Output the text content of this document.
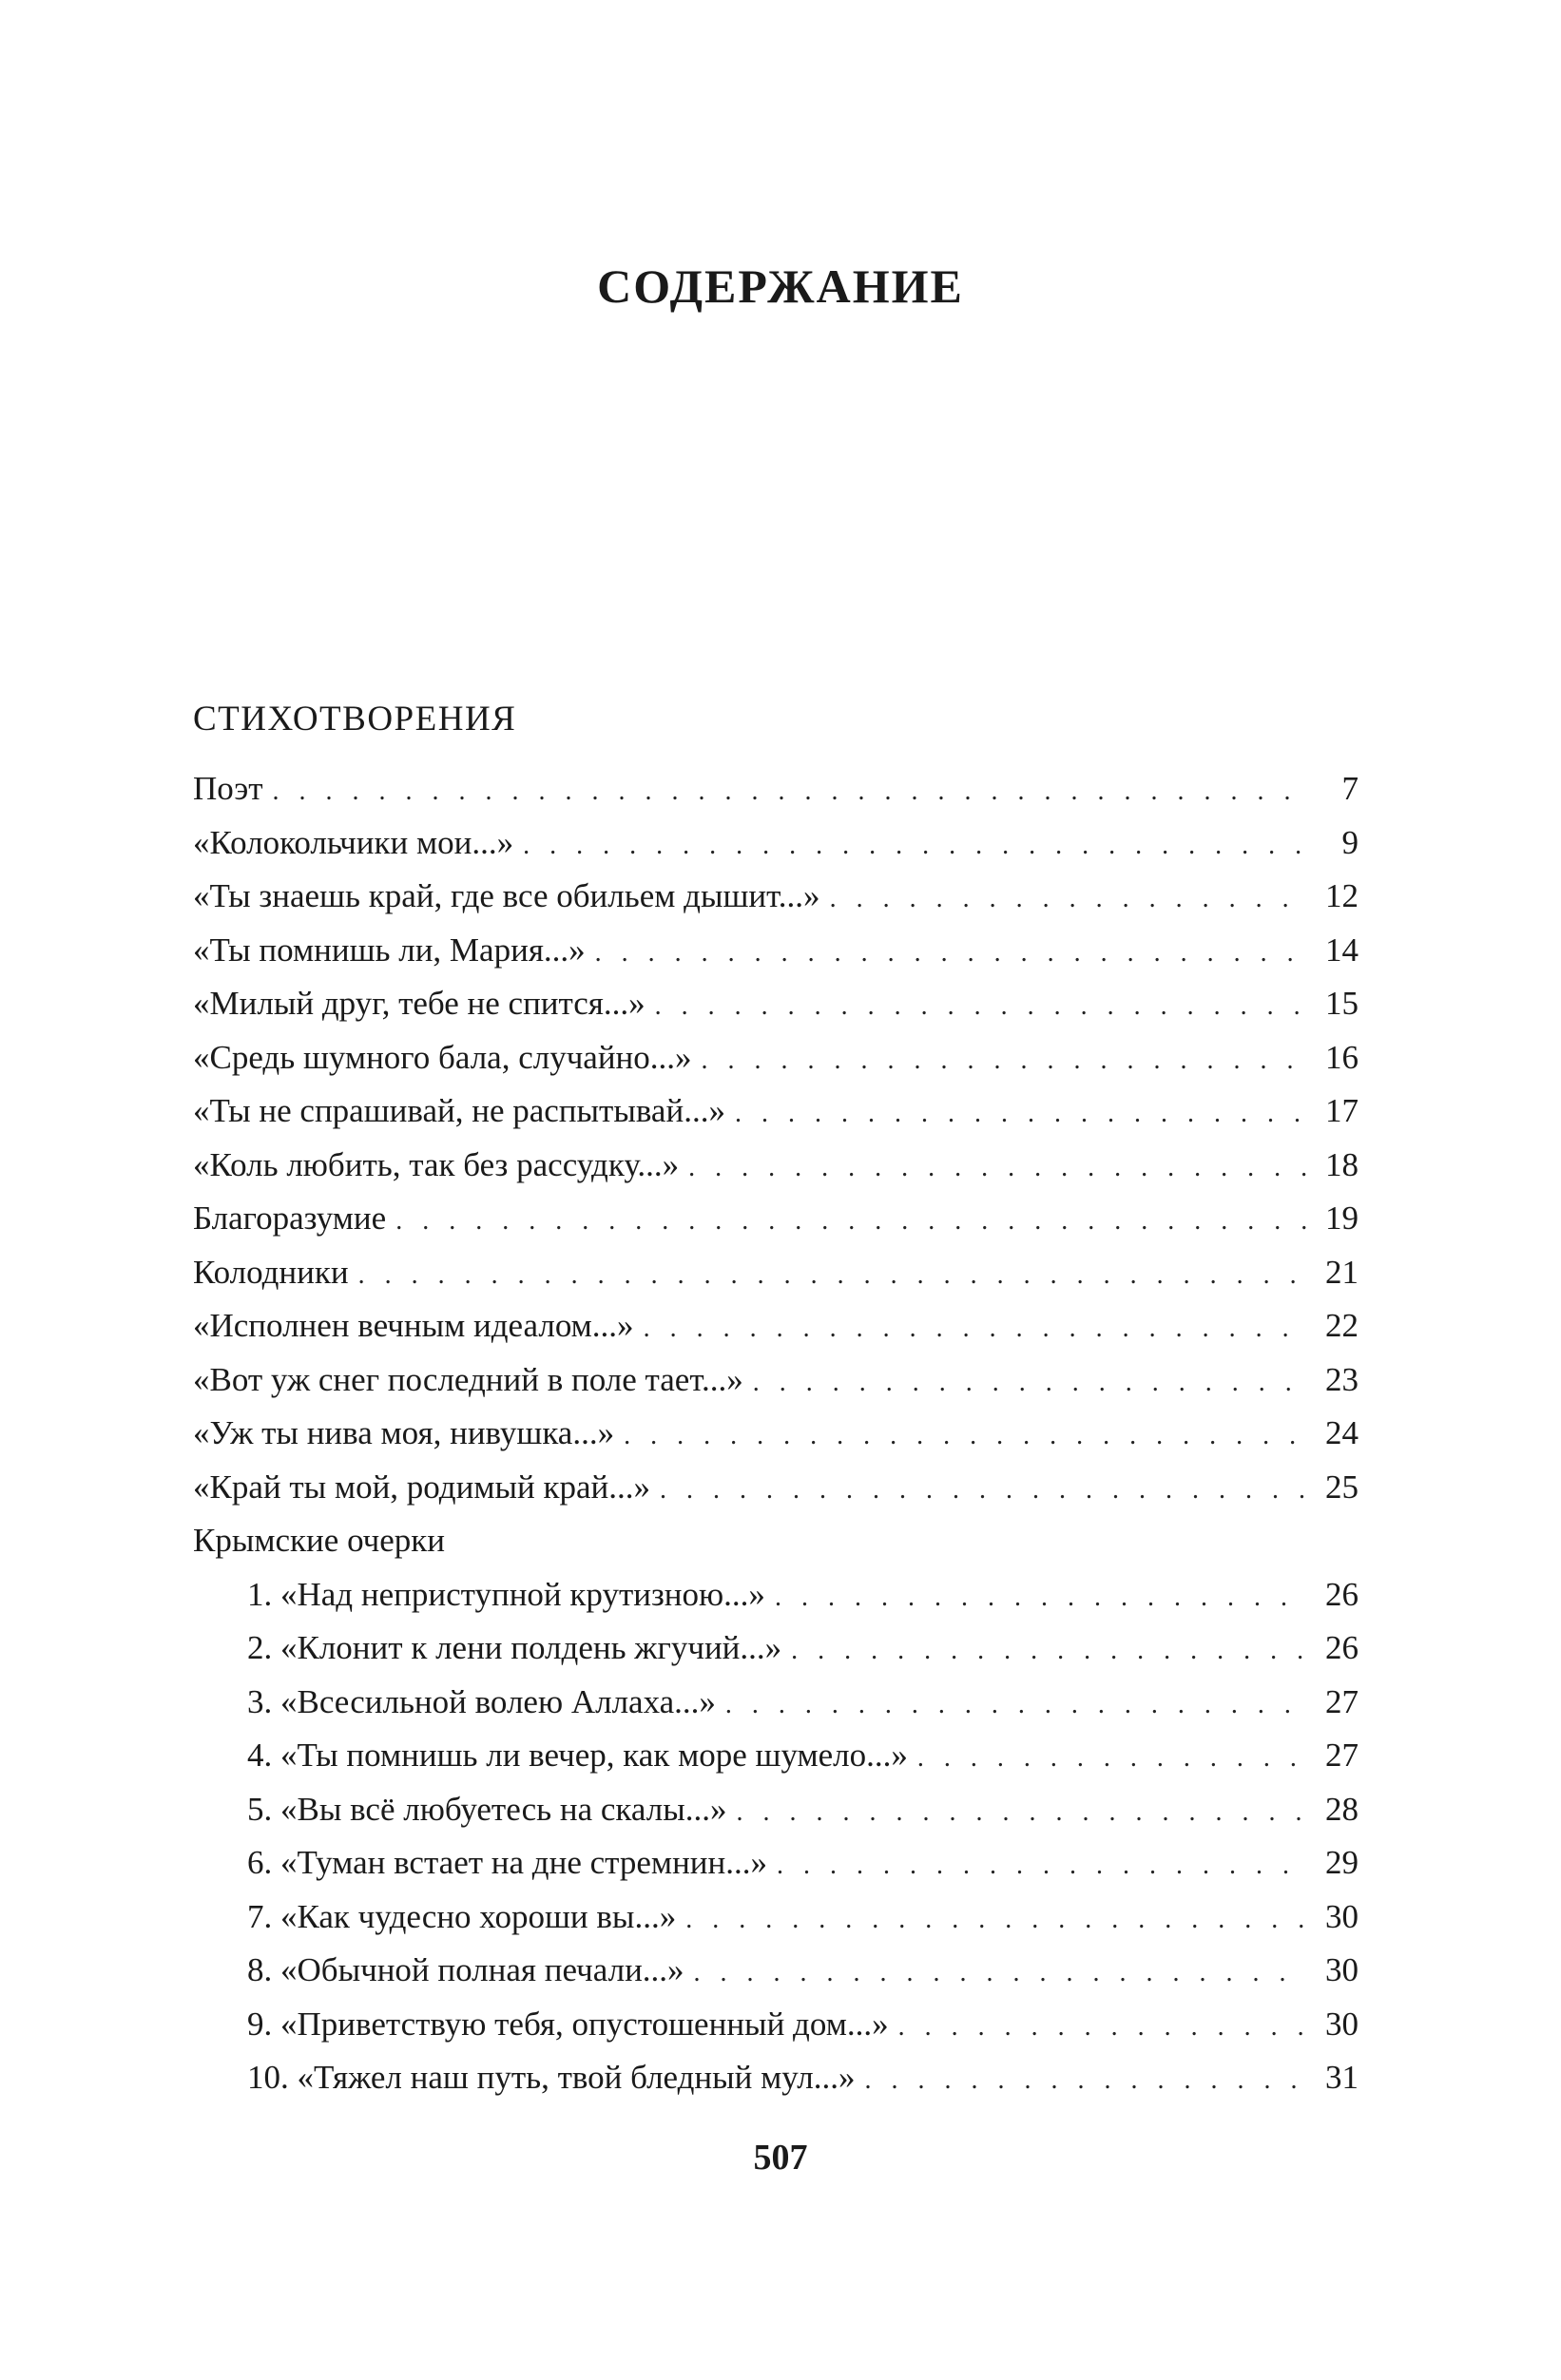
СОДЕРЖАНИЕ
СТИХОТВОРЕНИЯ
Поэт . . .	7
«Колокольчики мои...» . . .	9
«Ты знаешь край, где все обильем дышит...» . . .	12
«Ты помнишь ли, Мария...» . . .	14
«Милый друг, тебе не спится...» . . .	15
«Средь шумного бала, случайно...» . . .	16
«Ты не спрашивай, не распытывай...» . . .	17
«Коль любить, так без рассудку...» . . .	18
Благоразумие . . .	19
Колодники . . .	21
«Исполнен вечным идеалом...» . . .	22
«Вот уж снег последний в поле тает...» . . .	23
«Уж ты нива моя, нивушка...» . . .	24
«Край ты мой, родимый край...» . . .	25
Крымские очерки
1. «Над неприступной крутизною...» . . .	26
2. «Клонит к лени полдень жгучий...» . . .	26
3. «Всесильной волею Аллаха...» . . .	27
4. «Ты помнишь ли вечер, как море шумело...» . . .	27
5. «Вы всё любуетесь на скалы...» . . .	28
6. «Туман встает на дне стремнин...» . . .	29
7. «Как чудесно хороши вы...» . . .	30
8. «Обычной полная печали...» . . .	30
9. «Приветствую тебя, опустошенный дом...» . . .	30
10. «Тяжел наш путь, твой бледный мул...» . . .	31
507
